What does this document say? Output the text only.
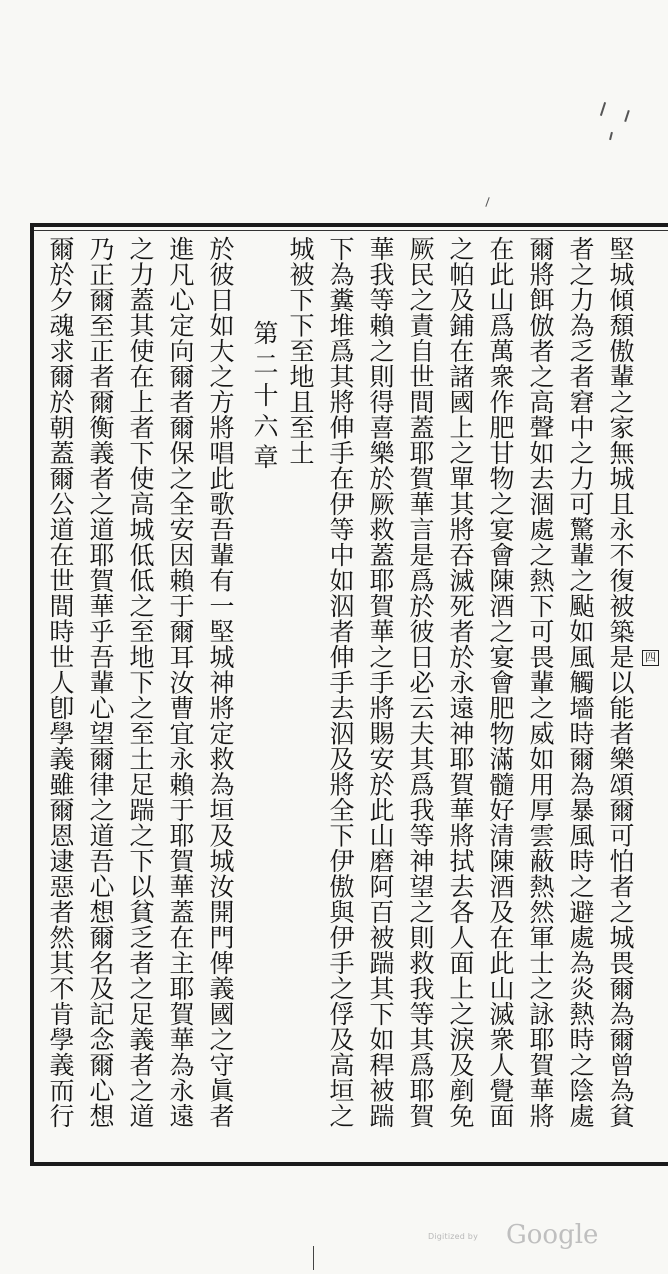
四
堅城傾頹傲輩之家無城且永不復被築是以能者樂頌爾可怕者之城畏爾為爾曾為貧
者之力為乏者窘中之力可驚輩之颭如風觸墻時爾為暴風時之避處為炎熱時之陰處
爾將餌倣者之高聲如去涸處之熱下可畏輩之威如用厚雲蔽熱然軍士之詠耶賀華將
在此山爲萬衆作肥甘物之宴會陳酒之宴會肥物滿髓好清陳酒及在此山滅衆人覺面
之帕及鋪在諸國上之單其將吞滅死者於永遠神耶賀華將拭去各人面上之淚及剷免
厥民之責自世間蓋耶賀華言是爲於彼日必云夫其爲我等神望之則救我等其爲耶賀
華我等賴之則得喜樂於厥救蓋耶賀華之手將賜安於此山磨阿百被踹其下如稈被踹
下為糞堆爲其將伸手在伊等中如泅者伸手去泅及將全下伊傲與伊手之俘及高垣之
城被下下至地且至土
第二十六章
於彼日如大之方將唱此歌吾輩有一堅城神將定救為垣及城汝開門俾義國之守眞者
進凡心定向爾者爾保之全安因賴于爾耳汝曹宜永賴于耶賀華蓋在主耶賀華為永遠
之力蓋其使在上者下使高城低低之至地下之至土足踹之下以貧乏者之足義者之道
乃正爾至正者爾衡義者之道耶賀華乎吾輩心望爾律之道吾心想爾名及記念爾心想
爾於夕魂求爾於朝蓋爾公道在世間時世人卽學義雖爾恩逮惡者然其不肯學義而行
Digitized by Google
